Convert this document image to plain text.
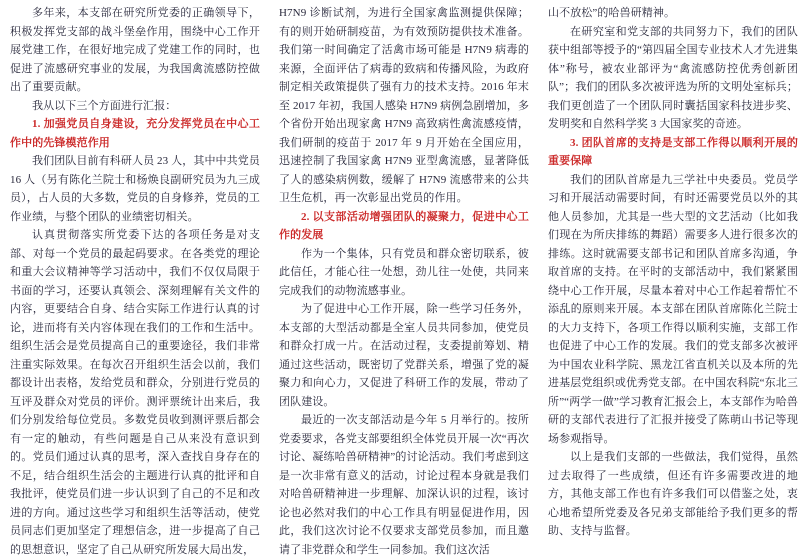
多年来，本支部在研究所党委的正确领导下，积极发挥党支部的战斗堡垒作用，围绕中心工作开展党建工作，在很好地完成了党建工作的同时，也促进了流感研究事业的发展，为我国禽流感防控做出了重要贡献。

我从以下三个方面进行汇报：

1. 加强党员自身建设，充分发挥党员在中心工作中的先锋模范作用

我们团队目前有科研人员 23 人，其中中共党员 16 人（另有陈化兰院士和杨焕良副研究员为九三成员），占人员的大多数，党员的自身修养，党员的工作业绩，与整个团队的业绩密切相关。

认真贯彻落实所党委下达的各项任务是对支部、对每一个党员的最起码要求。在各类党的理论和重大会议精神等学习活动中，我们不仅仅局限于书面的学习，还要认真领会、深刻理解有关文件的内容，更要结合自身、结合实际工作进行认真的讨论，进而将有关内容体现在我们的工作和生活中。组织生活会是党员提高自己的重要途径，我们非常注重实际效果。在每次召开组织生活会以前，我们都设计出表格，发给党员和群众，分别进行党员的互评及群众对党员的评价。测评票统计出来后，我们分别发给每位党员。多数党员收到测评票后都会有一定的触动，有些问题是自己从来没有意识到的。党员们通过认真的思考，深入查找自身存在的不足，结合组织生活会的主题进行认真的批评和自我批评，使党员们进一步认识到了自己的不足和改进的方向。通过这些学习和组织生活等活动，使党员同志们更加坚定了理想信念，进一步提高了自己的思想意识，坚定了自己从研究所发展大局出发，

H7N9 诊断试剂，为进行全国家禽监测提供保障；有的则开始研制疫苗，为有效预防提供技术准备。我们第一时间确定了活禽市场可能是 H7N9 病毒的来源，全面评估了病毒的致病和传播风险，为政府制定相关政策提供了强有力的技术支持。2016 年末至 2017 年初，我国人感染 H7N9 病例急剧增加，多个省份开始出现家禽 H7N9 高致病性禽流感疫情，我们研制的疫苗于 2017 年 9 月开始在全国应用，迅速控制了我国家禽 H7N9 亚型禽流感，显著降低了人的感染病例数，缓解了 H7N9 流感带来的公共卫生危机，再一次彰显出党员的作用。

2. 以支部活动增强团队的凝聚力，促进中心工作的发展

作为一个集体，只有党员和群众密切联系，彼此信任，才能心往一处想，劲儿往一处使，共同来完成我们的动物流感事业。

为了促进中心工作开展，除一些学习任务外，本支部的大型活动都是全室人员共同参加，使党员和群众打成一片。在活动过程，支委提前筹划、精通过这些活动，既密切了党群关系，增强了党的凝聚力和向心力，又促进了科研工作的发展，带动了团队建设。

最近的一次支部活动是今年 5 月举行的。按所党委要求，各党支部要组织全体党员开展一次“再次讨论、凝练哈兽研精神”的讨论活动。我们考虑到这是一次非常有意义的活动，讨论过程本身就是我们对哈兽研精神进一步理解、加深认识的过程，该讨论也必然对我们的中心工作具有明显促进作用，因此，我们这次讨论不仅要求支部党员参加，而且邀请了非党群众和学生一同参加。我们这次活

山不放松”的哈兽研精神。

在研究室和党支部的共同努力下，我们的团队获中组部等授予的“第四届全国专业技术人才先进集体”称号，被农业部评为“禽流感防控优秀创新团队”；我们的团队多次被评选为所的文明处室标兵；我们更创造了一个团队同时囊括国家科技进步奖、发明奖和自然科学奖 3 大国家奖的奇迹。

3. 团队首席的支持是支部工作得以顺利开展的重要保障

我们的团队首席是九三学社中央委员。党员学习和开展活动需要时间，有时还需要党员以外的其他人员参加，尤其是一些大型的文艺活动（比如我们现在为所庆排练的舞蹈）需要多人进行很多次的排练。这时就需要支部书记和团队首席多沟通，争取首席的支持。在平时的支部活动中，我们紧紧围绕中心工作开展，尽量本着对中心工作起着帮忙不添乱的原则来开展。本支部在团队首席陈化兰院士的大力支持下，各项工作得以顺利实施，支部工作也促进了中心工作的发展。我们的党支部多次被评为中国农业科学院、黑龙江省直机关以及本所的先进基层党组织或优秀党支部。在中国农科院“东北三所”“两学一做”学习教育汇报会上，本支部作为哈兽研的支部代表进行了汇报并接受了陈萌山书记等现场参观指导。

以上是我们支部的一些做法，我们觉得，虽然过去取得了一些成绩，但还有许多需要改进的地方，其他支部工作也有许多我们可以借鉴之处，衷心地希望所党委及各兄弟支部能给予我们更多的帮助、支持与监督。
